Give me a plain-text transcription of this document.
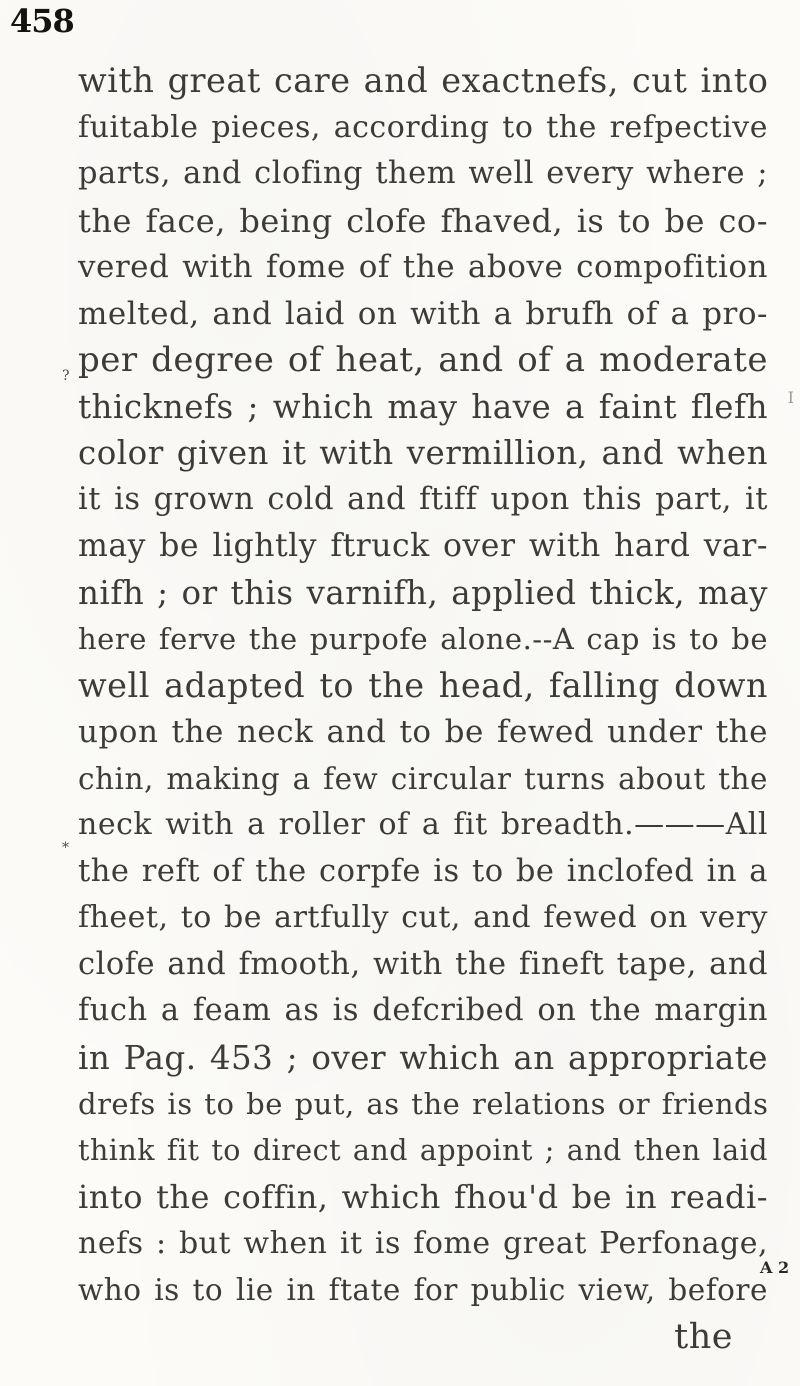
458
I
?
*
with great care and exactnefs, cut into
fuitable pieces, according to the refpective
parts, and clofing them well every where ;
the face, being clofe fhaved, is to be co-
vered with fome of the above compofition
melted, and laid on with a brufh of a pro-
per degree of heat, and of a moderate
thicknefs ; which may have a faint flefh
color given it with vermillion, and when
it is grown cold and ftiff upon this part, it
may be lightly ftruck over with hard var-
nifh ; or this varnifh, applied thick, may
here ferve the purpofe alone.--A cap is to be
well adapted to the head, falling down
upon the neck and to be fewed under the
chin, making a few circular turns about the
neck with a roller of a fit breadth.———All
the reft of the corpfe is to be inclofed in a
fheet, to be artfully cut, and fewed on very
clofe and fmooth, with the fineft tape, and
fuch a feam as is defcribed on the margin
in Pag. 453 ; over which an appropriate
drefs is to be put, as the relations or friends
think fit to direct and appoint ; and then laid
into the coffin, which fhou'd be in readi-
nefs : but when it is fome great Perfonage,
who is to lie in ftate for public view, before
the
A 2
